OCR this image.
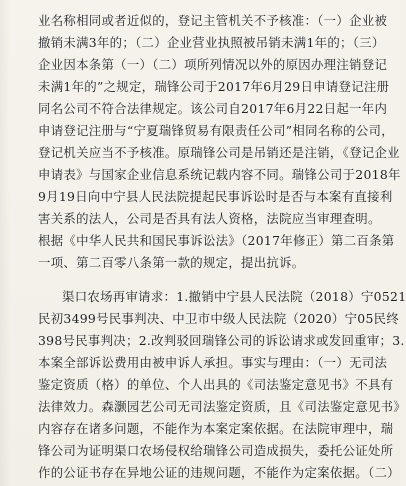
业名称相同或者近似的，登记主管机关不予核准：（一）企业被
撤销未满3年的；（二）企业营业执照被吊销未满1年的；（三）
企业因本条第（一）（二）项所列情况以外的原因办理注销登记
未满1年的”之规定，瑞锋公司于2017年6月29日申请登记注册
同名公司不符合法律规定。该公司自2017年6月22日起一年内
申请登记注册与“宁夏瑞锋贸易有限责任公司”相同名称的公司，
登记机关应当不予核准。原瑞锋公司是吊销还是注销，《登记企业
申请表》与国家企业信息系统记载内容不同。瑞锋公司于2018年
9月19日向中宁县人民法院提起民事诉讼时是否与本案有直接利
害关系的法人，公司是否具有法人资格，法院应当审理查明。
根据《中华人民共和国民事诉讼法》（2017年修正）第二百条第
一项、第二百零八条第一款的规定，提出抗诉。
渠口农场再审请求：1.撤销中宁县人民法院（2018）宁0521
民初3499号民事判决、中卫市中级人民法院（2020）宁05民终
398号民事判决；2.改判驳回瑞锋公司的诉讼请求或发回重审；3.
本案全部诉讼费用由被申诉人承担。事实与理由：（一）无司法
鉴定资质（格）的单位、个人出具的《司法鉴定意见书》不具有
法律效力。森灏园艺公司无司法鉴定资质，且《司法鉴定意见书》
内容存在诸多问题，不能作为本案定案依据。在法院审理中，瑞
锋公司为证明渠口农场侵权给瑞锋公司造成损失，委托公证处所
作的公证书存在异地公证的违规问题，不能作为定案依据。（二）
